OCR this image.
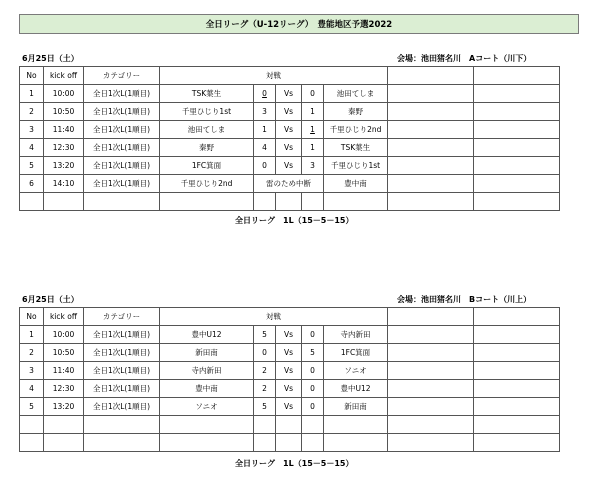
全日リーグ（U-12リーグ）　豊能地区予選2022
6月25日（土）	会場：池田猪名川　Aコート（川下）
No	kick off	カテゴリー	対戦						
1	10:00	全日1次L(1順目)	TSK葉生	0	Vs	0	池田てしま		
2	10:50	全日1次L(1順目)	千里ひじり1st	3	Vs	1	秦野		
3	11:40	全日1次L(1順目)	池田てしま	1	Vs	1	千里ひじり2nd		
4	12:30	全日1次L(1順目)	秦野	4	Vs	1	TSK葉生		
5	13:20	全日1次L(1順目)	1FC箕面	0	Vs	3	千里ひじり1st		
6	14:10	全日1次L(1順目)	千里ひじり2nd	雷のため中断			豊中南		

全日リーグ　1L（15－5－15）
6月25日（土）	会場：池田猪名川　Bコート（川上）
No	kick off	カテゴリー	対戦						
1	10:00	全日1次L(1順目)	豊中U12	5	Vs	0	寺内新田		
2	10:50	全日1次L(1順目)	新田南	0	Vs	5	1FC箕面		
3	11:40	全日1次L(1順目)	寺内新田	2	Vs	0	ソニオ		
4	12:30	全日1次L(1順目)	豊中南	2	Vs	0	豊中U12		
5	13:20	全日1次L(1順目)	ソニオ	5	Vs	0	新田南		

全日リーグ　1L（15－5－15）
